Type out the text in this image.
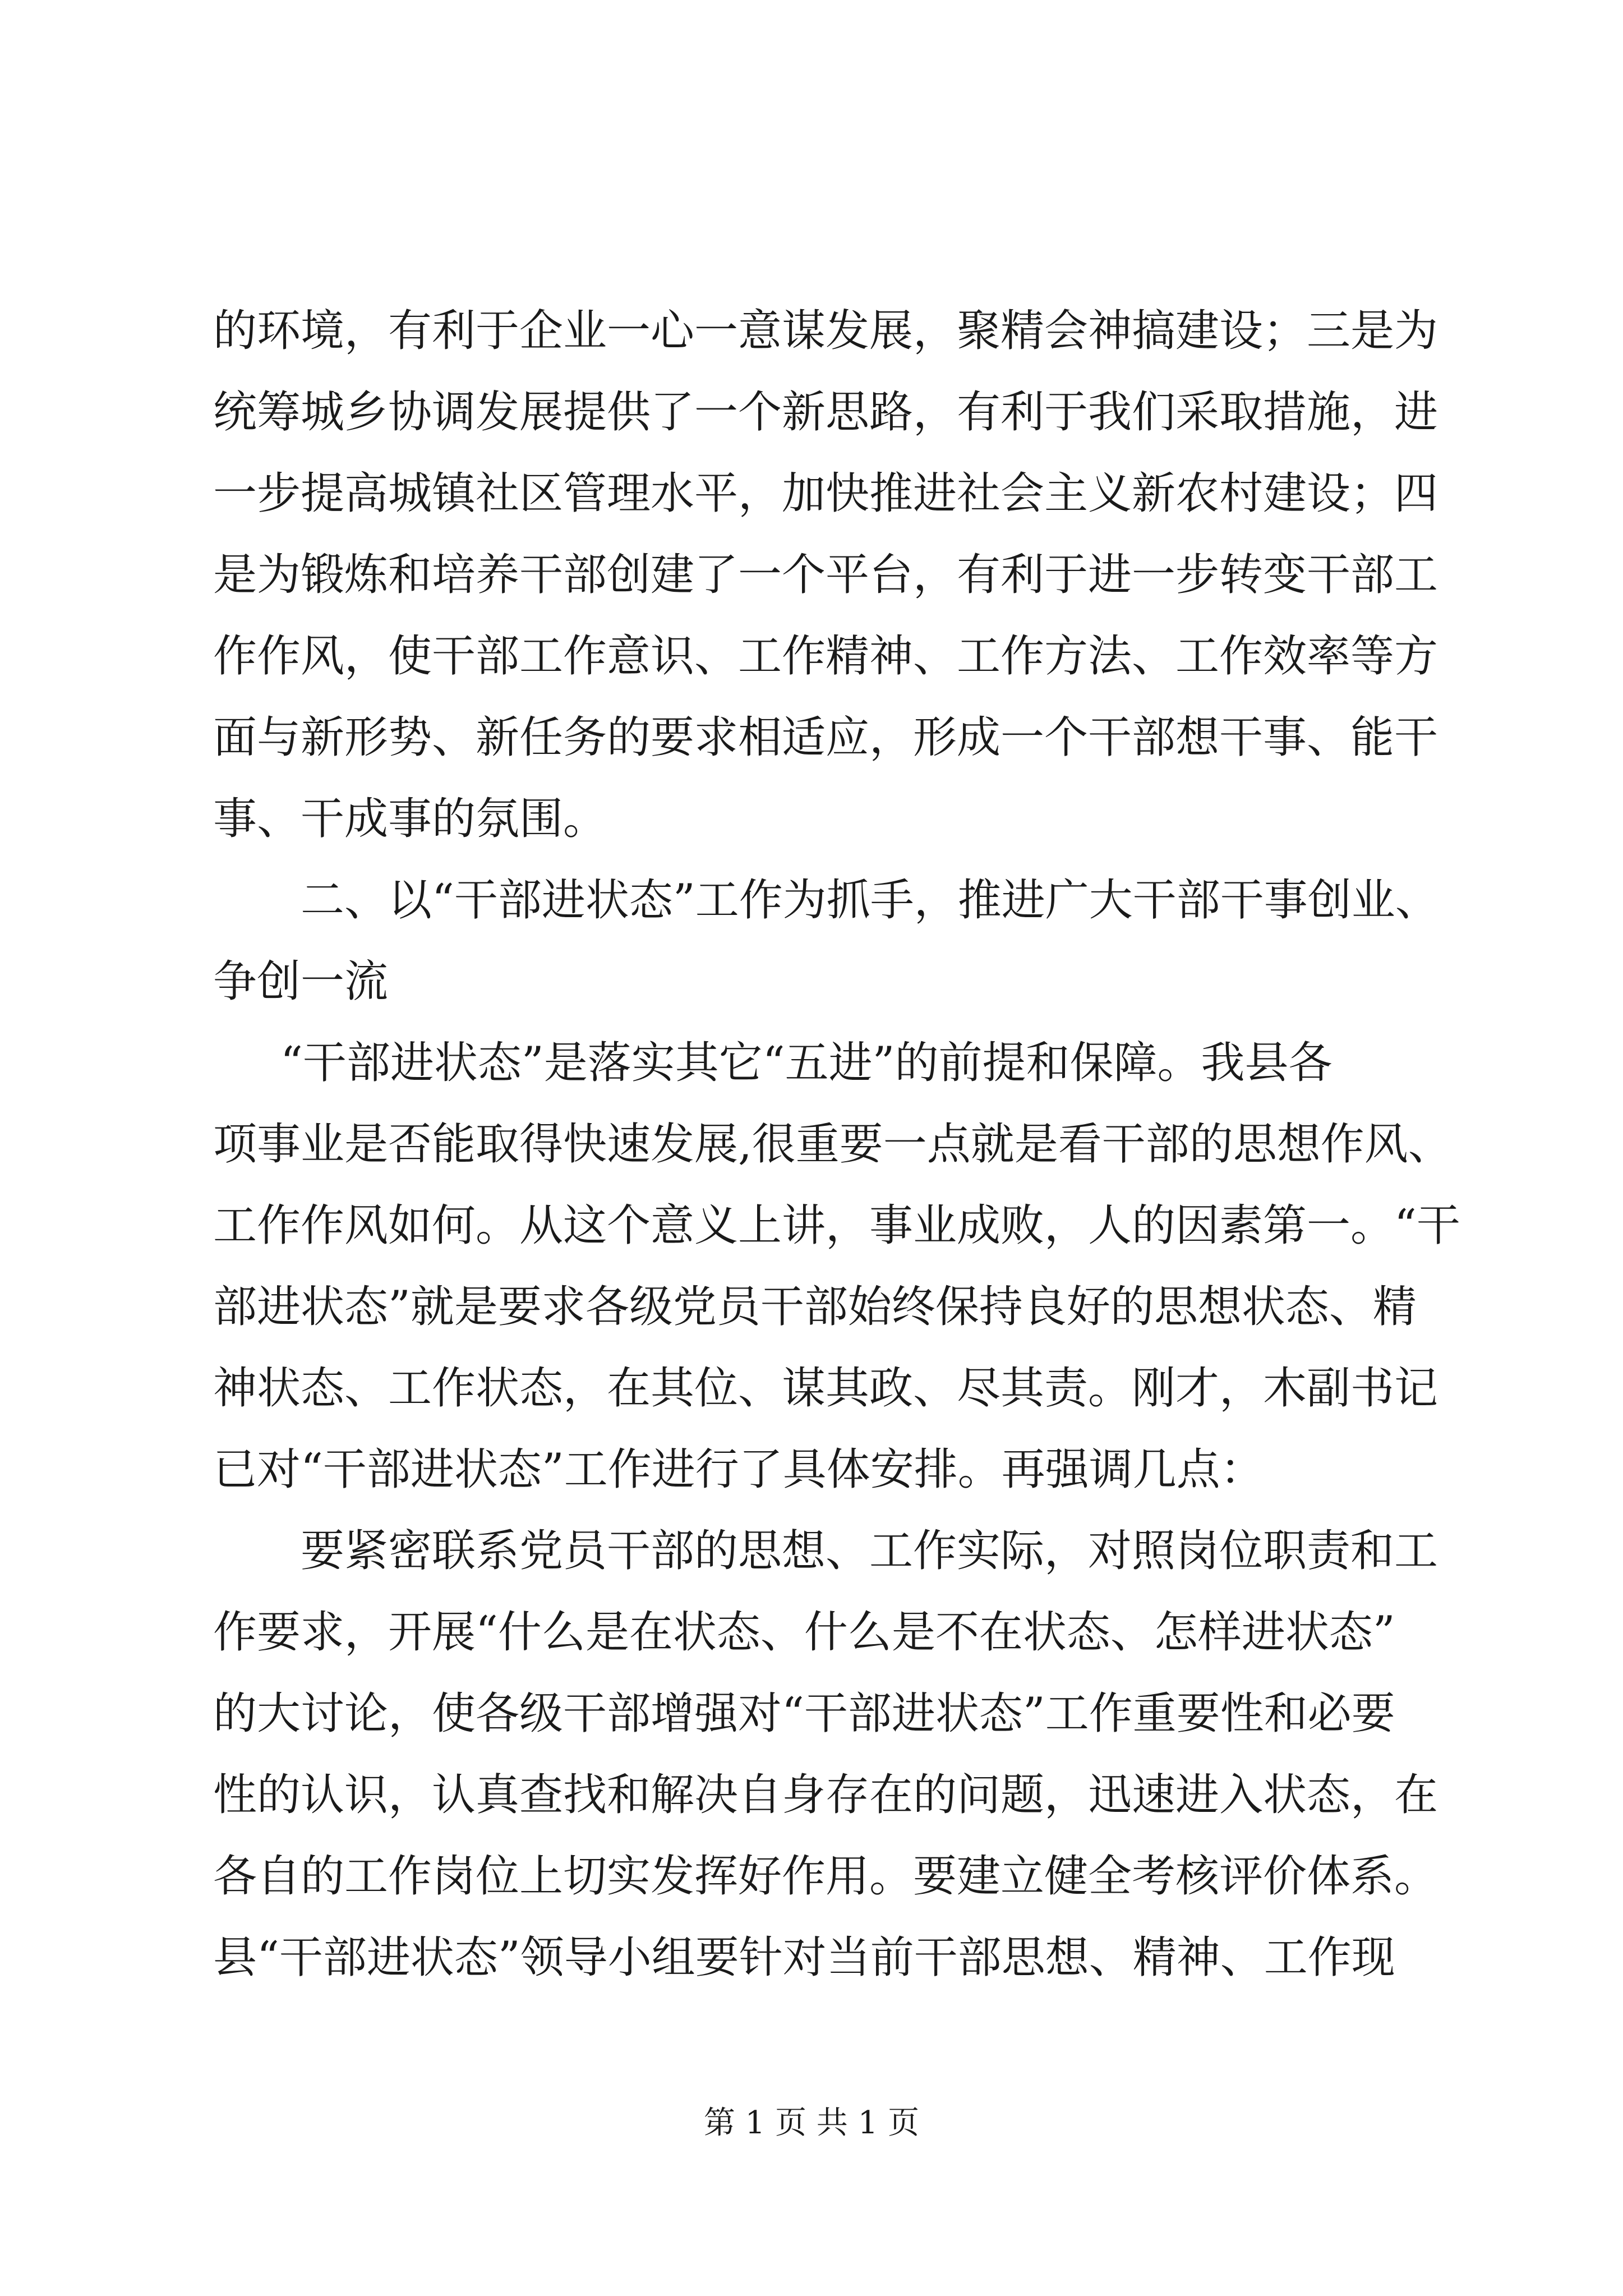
的环境，有利于企业一心一意谋发展，聚精会神搞建设；三是为
统筹城乡协调发展提供了一个新思路，有利于我们采取措施，进
一步提高城镇社区管理水平，加快推进社会主义新农村建设；四
是为锻炼和培养干部创建了一个平台，有利于进一步转变干部工
作作风，使干部工作意识、工作精神、工作方法、工作效率等方
面与新形势、新任务的要求相适应，形成一个干部想干事、能干
事、干成事的氛围。
二、以“干部进状态”工作为抓手，推进广大干部干事创业、
争创一流
“干部进状态”是落实其它“五进”的前提和保障。我县各
项事业是否能取得快速发展,很重要一点就是看干部的思想作风、
工作作风如何。从这个意义上讲，事业成败，人的因素第一。“干
部进状态”就是要求各级党员干部始终保持良好的思想状态、精
神状态、工作状态，在其位、谋其政、尽其责。刚才，木副书记
已对“干部进状态”工作进行了具体安排。再强调几点：
要紧密联系党员干部的思想、工作实际，对照岗位职责和工
作要求，开展“什么是在状态、什么是不在状态、怎样进状态”
的大讨论，使各级干部增强对“干部进状态”工作重要性和必要
性的认识，认真查找和解决自身存在的问题，迅速进入状态，在
各自的工作岗位上切实发挥好作用。要建立健全考核评价体系。
县“干部进状态”领导小组要针对当前干部思想、精神、工作现
第 1 页 共 1 页
